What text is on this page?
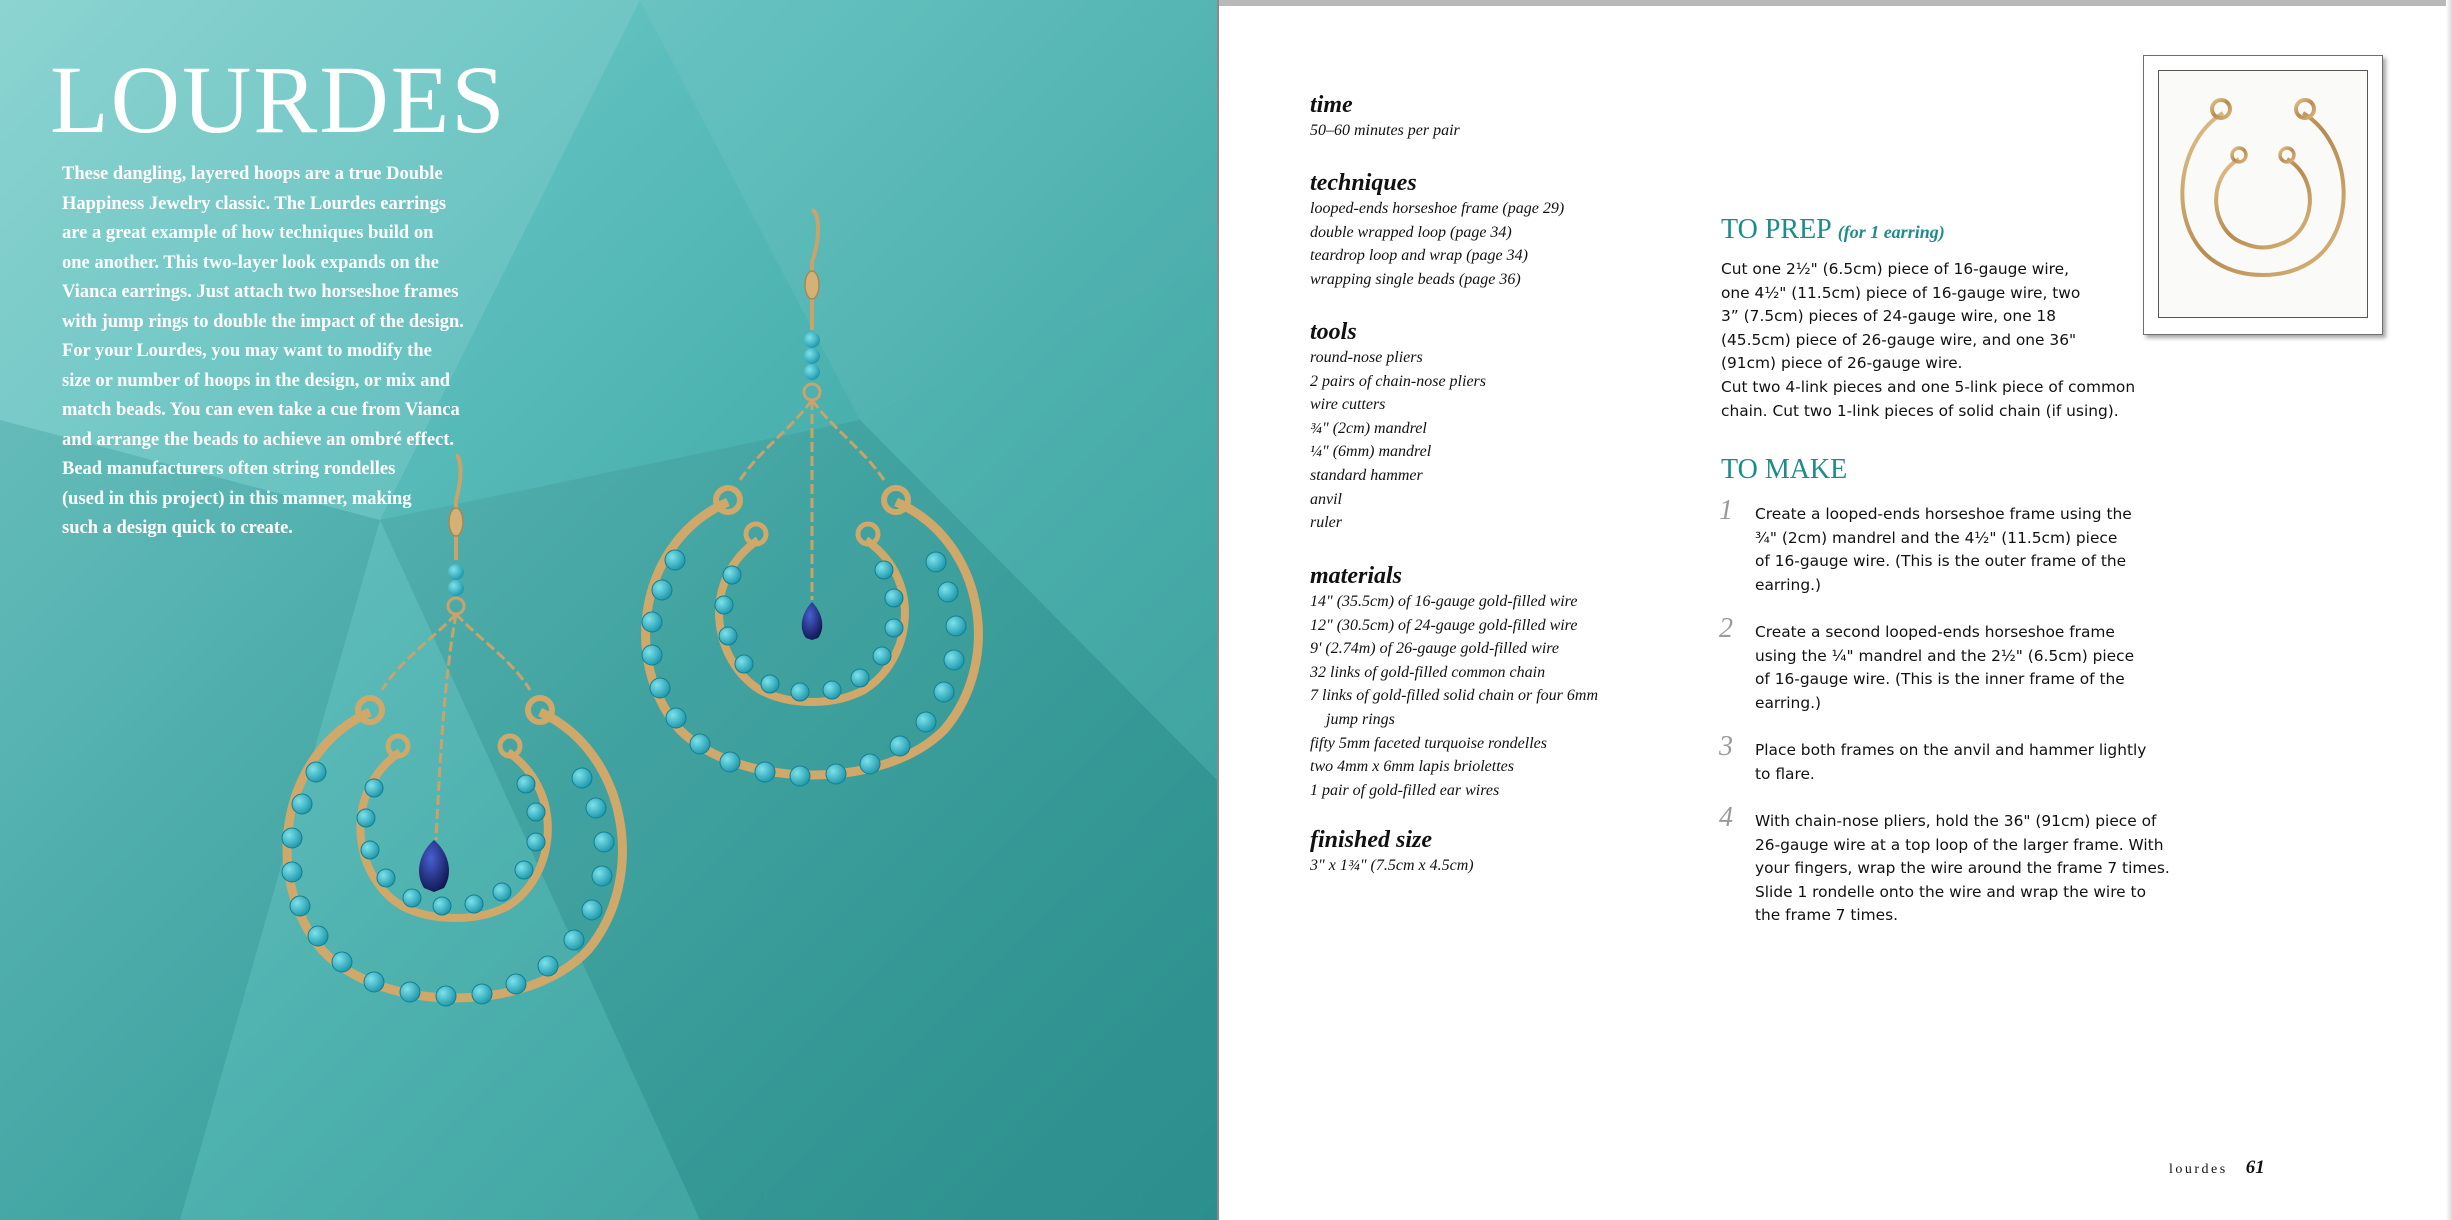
LOURDES
These dangling, layered hoops are a true Double
Happiness Jewelry classic. The Lourdes earrings
are a great example of how techniques build on
one another. This two-layer look expands on the
Vianca earrings. Just attach two horseshoe frames
with jump rings to double the impact of the design.
For your Lourdes, you may want to modify the
size or number of hoops in the design, or mix and
match beads. You can even take a cue from Vianca
and arrange the beads to achieve an ombré effect.
Bead manufacturers often string rondelles
(used in this project) in this manner, making
such a design quick to create.
time
50–60 minutes per pair
techniques
looped-ends horseshoe frame (page 29)
double wrapped loop (page 34)
teardrop loop and wrap (page 34)
wrapping single beads (page 36)
tools
round-nose pliers
2 pairs of chain-nose pliers
wire cutters
¾" (2cm) mandrel
¼" (6mm) mandrel
standard hammer
anvil
ruler
materials
14" (35.5cm) of 16-gauge gold-filled wire
12" (30.5cm) of 24-gauge gold-filled wire
9' (2.74m) of 26-gauge gold-filled wire
32 links of gold-filled common chain
7 links of gold-filled solid chain or four 6mm
jump rings
fifty 5mm faceted turquoise rondelles
two 4mm x 6mm lapis briolettes
1 pair of gold-filled ear wires
finished size
3" x 1¾" (7.5cm x 4.5cm)
TO PREP (for 1 earring)
Cut one 2½" (6.5cm) piece of 16-gauge wire,
one 4½" (11.5cm) piece of 16-gauge wire, two
3” (7.5cm) pieces of 24-gauge wire, one 18
(45.5cm) piece of 26-gauge wire, and one 36"
(91cm) piece of 26-gauge wire.
Cut two 4-link pieces and one 5-link piece of common
chain. Cut two 1-link pieces of solid chain (if using).
TO MAKE
1 Create a looped-ends horseshoe frame using the
¾" (2cm) mandrel and the 4½" (11.5cm) piece
of 16-gauge wire. (This is the outer frame of the
earring.)
2 Create a second looped-ends horseshoe frame
using the ¼" mandrel and the 2½" (6.5cm) piece
of 16-gauge wire. (This is the inner frame of the
earring.)
3 Place both frames on the anvil and hammer lightly
to flare.
4 With chain-nose pliers, hold the 36" (91cm) piece of
26-gauge wire at a top loop of the larger frame. With
your fingers, wrap the wire around the frame 7 times.
Slide 1 rondelle onto the wire and wrap the wire to
the frame 7 times.
lourdes 61
